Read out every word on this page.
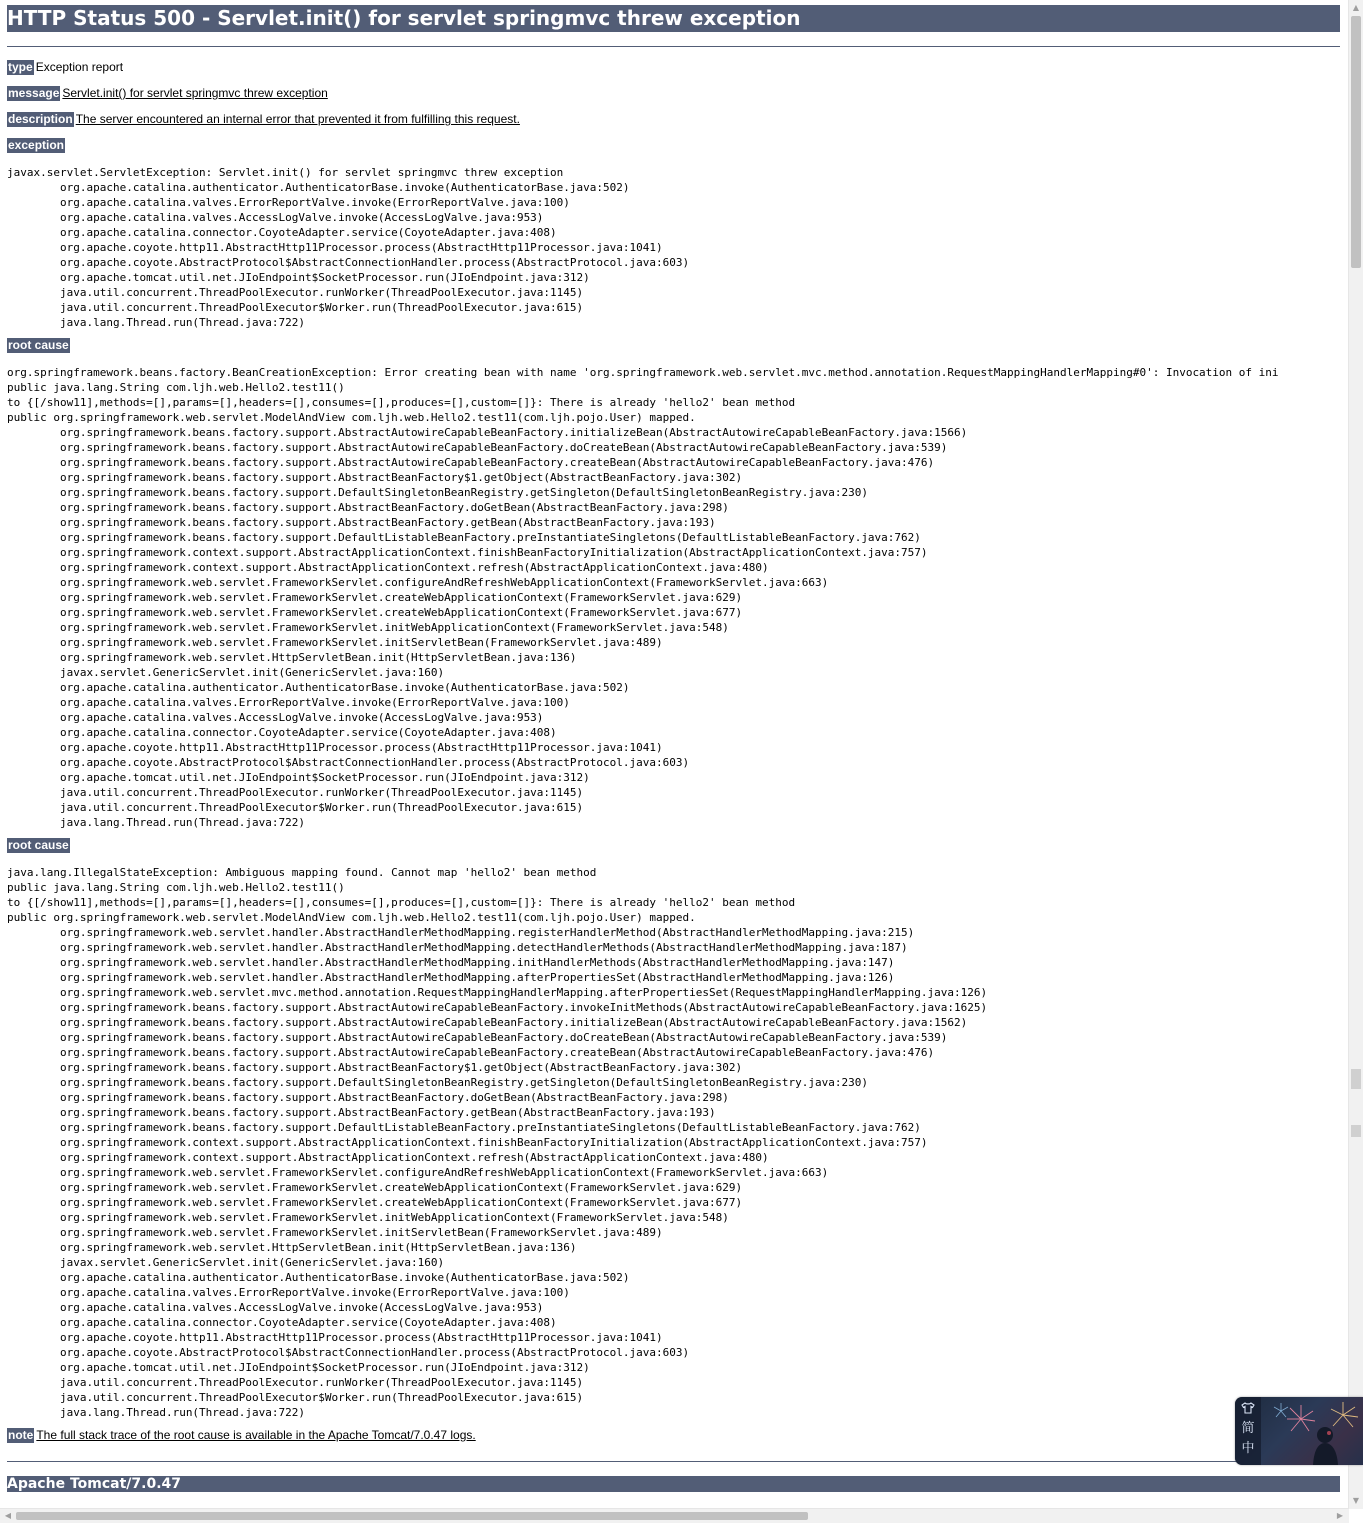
HTTP Status 500 - Servlet.init() for servlet springmvc threw exception
type Exception report
message Servlet.init() for servlet springmvc threw exception
description The server encountered an internal error that prevented it from fulfilling this request.
exception
javax.servlet.ServletException: Servlet.init() for servlet springmvc threw exception
	org.apache.catalina.authenticator.AuthenticatorBase.invoke(AuthenticatorBase.java:502)
	org.apache.catalina.valves.ErrorReportValve.invoke(ErrorReportValve.java:100)
	org.apache.catalina.valves.AccessLogValve.invoke(AccessLogValve.java:953)
	org.apache.catalina.connector.CoyoteAdapter.service(CoyoteAdapter.java:408)
	org.apache.coyote.http11.AbstractHttp11Processor.process(AbstractHttp11Processor.java:1041)
	org.apache.coyote.AbstractProtocol$AbstractConnectionHandler.process(AbstractProtocol.java:603)
	org.apache.tomcat.util.net.JIoEndpoint$SocketProcessor.run(JIoEndpoint.java:312)
	java.util.concurrent.ThreadPoolExecutor.runWorker(ThreadPoolExecutor.java:1145)
	java.util.concurrent.ThreadPoolExecutor$Worker.run(ThreadPoolExecutor.java:615)
	java.lang.Thread.run(Thread.java:722)
root cause
org.springframework.beans.factory.BeanCreationException: Error creating bean with name 'org.springframework.web.servlet.mvc.method.annotation.RequestMappingHandlerMapping#0': Invocation of ini
public java.lang.String com.ljh.web.Hello2.test11()
to {[/show11],methods=[],params=[],headers=[],consumes=[],produces=[],custom=[]}: There is already 'hello2' bean method
public org.springframework.web.servlet.ModelAndView com.ljh.web.Hello2.test11(com.ljh.pojo.User) mapped.
	org.springframework.beans.factory.support.AbstractAutowireCapableBeanFactory.initializeBean(AbstractAutowireCapableBeanFactory.java:1566)
	org.springframework.beans.factory.support.AbstractAutowireCapableBeanFactory.doCreateBean(AbstractAutowireCapableBeanFactory.java:539)
	org.springframework.beans.factory.support.AbstractAutowireCapableBeanFactory.createBean(AbstractAutowireCapableBeanFactory.java:476)
	org.springframework.beans.factory.support.AbstractBeanFactory$1.getObject(AbstractBeanFactory.java:302)
	org.springframework.beans.factory.support.DefaultSingletonBeanRegistry.getSingleton(DefaultSingletonBeanRegistry.java:230)
	org.springframework.beans.factory.support.AbstractBeanFactory.doGetBean(AbstractBeanFactory.java:298)
	org.springframework.beans.factory.support.AbstractBeanFactory.getBean(AbstractBeanFactory.java:193)
	org.springframework.beans.factory.support.DefaultListableBeanFactory.preInstantiateSingletons(DefaultListableBeanFactory.java:762)
	org.springframework.context.support.AbstractApplicationContext.finishBeanFactoryInitialization(AbstractApplicationContext.java:757)
	org.springframework.context.support.AbstractApplicationContext.refresh(AbstractApplicationContext.java:480)
	org.springframework.web.servlet.FrameworkServlet.configureAndRefreshWebApplicationContext(FrameworkServlet.java:663)
	org.springframework.web.servlet.FrameworkServlet.createWebApplicationContext(FrameworkServlet.java:629)
	org.springframework.web.servlet.FrameworkServlet.createWebApplicationContext(FrameworkServlet.java:677)
	org.springframework.web.servlet.FrameworkServlet.initWebApplicationContext(FrameworkServlet.java:548)
	org.springframework.web.servlet.FrameworkServlet.initServletBean(FrameworkServlet.java:489)
	org.springframework.web.servlet.HttpServletBean.init(HttpServletBean.java:136)
	javax.servlet.GenericServlet.init(GenericServlet.java:160)
	org.apache.catalina.authenticator.AuthenticatorBase.invoke(AuthenticatorBase.java:502)
	org.apache.catalina.valves.ErrorReportValve.invoke(ErrorReportValve.java:100)
	org.apache.catalina.valves.AccessLogValve.invoke(AccessLogValve.java:953)
	org.apache.catalina.connector.CoyoteAdapter.service(CoyoteAdapter.java:408)
	org.apache.coyote.http11.AbstractHttp11Processor.process(AbstractHttp11Processor.java:1041)
	org.apache.coyote.AbstractProtocol$AbstractConnectionHandler.process(AbstractProtocol.java:603)
	org.apache.tomcat.util.net.JIoEndpoint$SocketProcessor.run(JIoEndpoint.java:312)
	java.util.concurrent.ThreadPoolExecutor.runWorker(ThreadPoolExecutor.java:1145)
	java.util.concurrent.ThreadPoolExecutor$Worker.run(ThreadPoolExecutor.java:615)
	java.lang.Thread.run(Thread.java:722)
root cause
java.lang.IllegalStateException: Ambiguous mapping found. Cannot map 'hello2' bean method
public java.lang.String com.ljh.web.Hello2.test11()
to {[/show11],methods=[],params=[],headers=[],consumes=[],produces=[],custom=[]}: There is already 'hello2' bean method
public org.springframework.web.servlet.ModelAndView com.ljh.web.Hello2.test11(com.ljh.pojo.User) mapped.
	org.springframework.web.servlet.handler.AbstractHandlerMethodMapping.registerHandlerMethod(AbstractHandlerMethodMapping.java:215)
	org.springframework.web.servlet.handler.AbstractHandlerMethodMapping.detectHandlerMethods(AbstractHandlerMethodMapping.java:187)
	org.springframework.web.servlet.handler.AbstractHandlerMethodMapping.initHandlerMethods(AbstractHandlerMethodMapping.java:147)
	org.springframework.web.servlet.handler.AbstractHandlerMethodMapping.afterPropertiesSet(AbstractHandlerMethodMapping.java:126)
	org.springframework.web.servlet.mvc.method.annotation.RequestMappingHandlerMapping.afterPropertiesSet(RequestMappingHandlerMapping.java:126)
	org.springframework.beans.factory.support.AbstractAutowireCapableBeanFactory.invokeInitMethods(AbstractAutowireCapableBeanFactory.java:1625)
	org.springframework.beans.factory.support.AbstractAutowireCapableBeanFactory.initializeBean(AbstractAutowireCapableBeanFactory.java:1562)
	org.springframework.beans.factory.support.AbstractAutowireCapableBeanFactory.doCreateBean(AbstractAutowireCapableBeanFactory.java:539)
	org.springframework.beans.factory.support.AbstractAutowireCapableBeanFactory.createBean(AbstractAutowireCapableBeanFactory.java:476)
	org.springframework.beans.factory.support.AbstractBeanFactory$1.getObject(AbstractBeanFactory.java:302)
	org.springframework.beans.factory.support.DefaultSingletonBeanRegistry.getSingleton(DefaultSingletonBeanRegistry.java:230)
	org.springframework.beans.factory.support.AbstractBeanFactory.doGetBean(AbstractBeanFactory.java:298)
	org.springframework.beans.factory.support.AbstractBeanFactory.getBean(AbstractBeanFactory.java:193)
	org.springframework.beans.factory.support.DefaultListableBeanFactory.preInstantiateSingletons(DefaultListableBeanFactory.java:762)
	org.springframework.context.support.AbstractApplicationContext.finishBeanFactoryInitialization(AbstractApplicationContext.java:757)
	org.springframework.context.support.AbstractApplicationContext.refresh(AbstractApplicationContext.java:480)
	org.springframework.web.servlet.FrameworkServlet.configureAndRefreshWebApplicationContext(FrameworkServlet.java:663)
	org.springframework.web.servlet.FrameworkServlet.createWebApplicationContext(FrameworkServlet.java:629)
	org.springframework.web.servlet.FrameworkServlet.createWebApplicationContext(FrameworkServlet.java:677)
	org.springframework.web.servlet.FrameworkServlet.initWebApplicationContext(FrameworkServlet.java:548)
	org.springframework.web.servlet.FrameworkServlet.initServletBean(FrameworkServlet.java:489)
	org.springframework.web.servlet.HttpServletBean.init(HttpServletBean.java:136)
	javax.servlet.GenericServlet.init(GenericServlet.java:160)
	org.apache.catalina.authenticator.AuthenticatorBase.invoke(AuthenticatorBase.java:502)
	org.apache.catalina.valves.ErrorReportValve.invoke(ErrorReportValve.java:100)
	org.apache.catalina.valves.AccessLogValve.invoke(AccessLogValve.java:953)
	org.apache.catalina.connector.CoyoteAdapter.service(CoyoteAdapter.java:408)
	org.apache.coyote.http11.AbstractHttp11Processor.process(AbstractHttp11Processor.java:1041)
	org.apache.coyote.AbstractProtocol$AbstractConnectionHandler.process(AbstractProtocol.java:603)
	org.apache.tomcat.util.net.JIoEndpoint$SocketProcessor.run(JIoEndpoint.java:312)
	java.util.concurrent.ThreadPoolExecutor.runWorker(ThreadPoolExecutor.java:1145)
	java.util.concurrent.ThreadPoolExecutor$Worker.run(ThreadPoolExecutor.java:615)
	java.lang.Thread.run(Thread.java:722)
note The full stack trace of the root cause is available in the Apache Tomcat/7.0.47 logs.
Apache Tomcat/7.0.47
▲
▼
◀	▶
简
中
